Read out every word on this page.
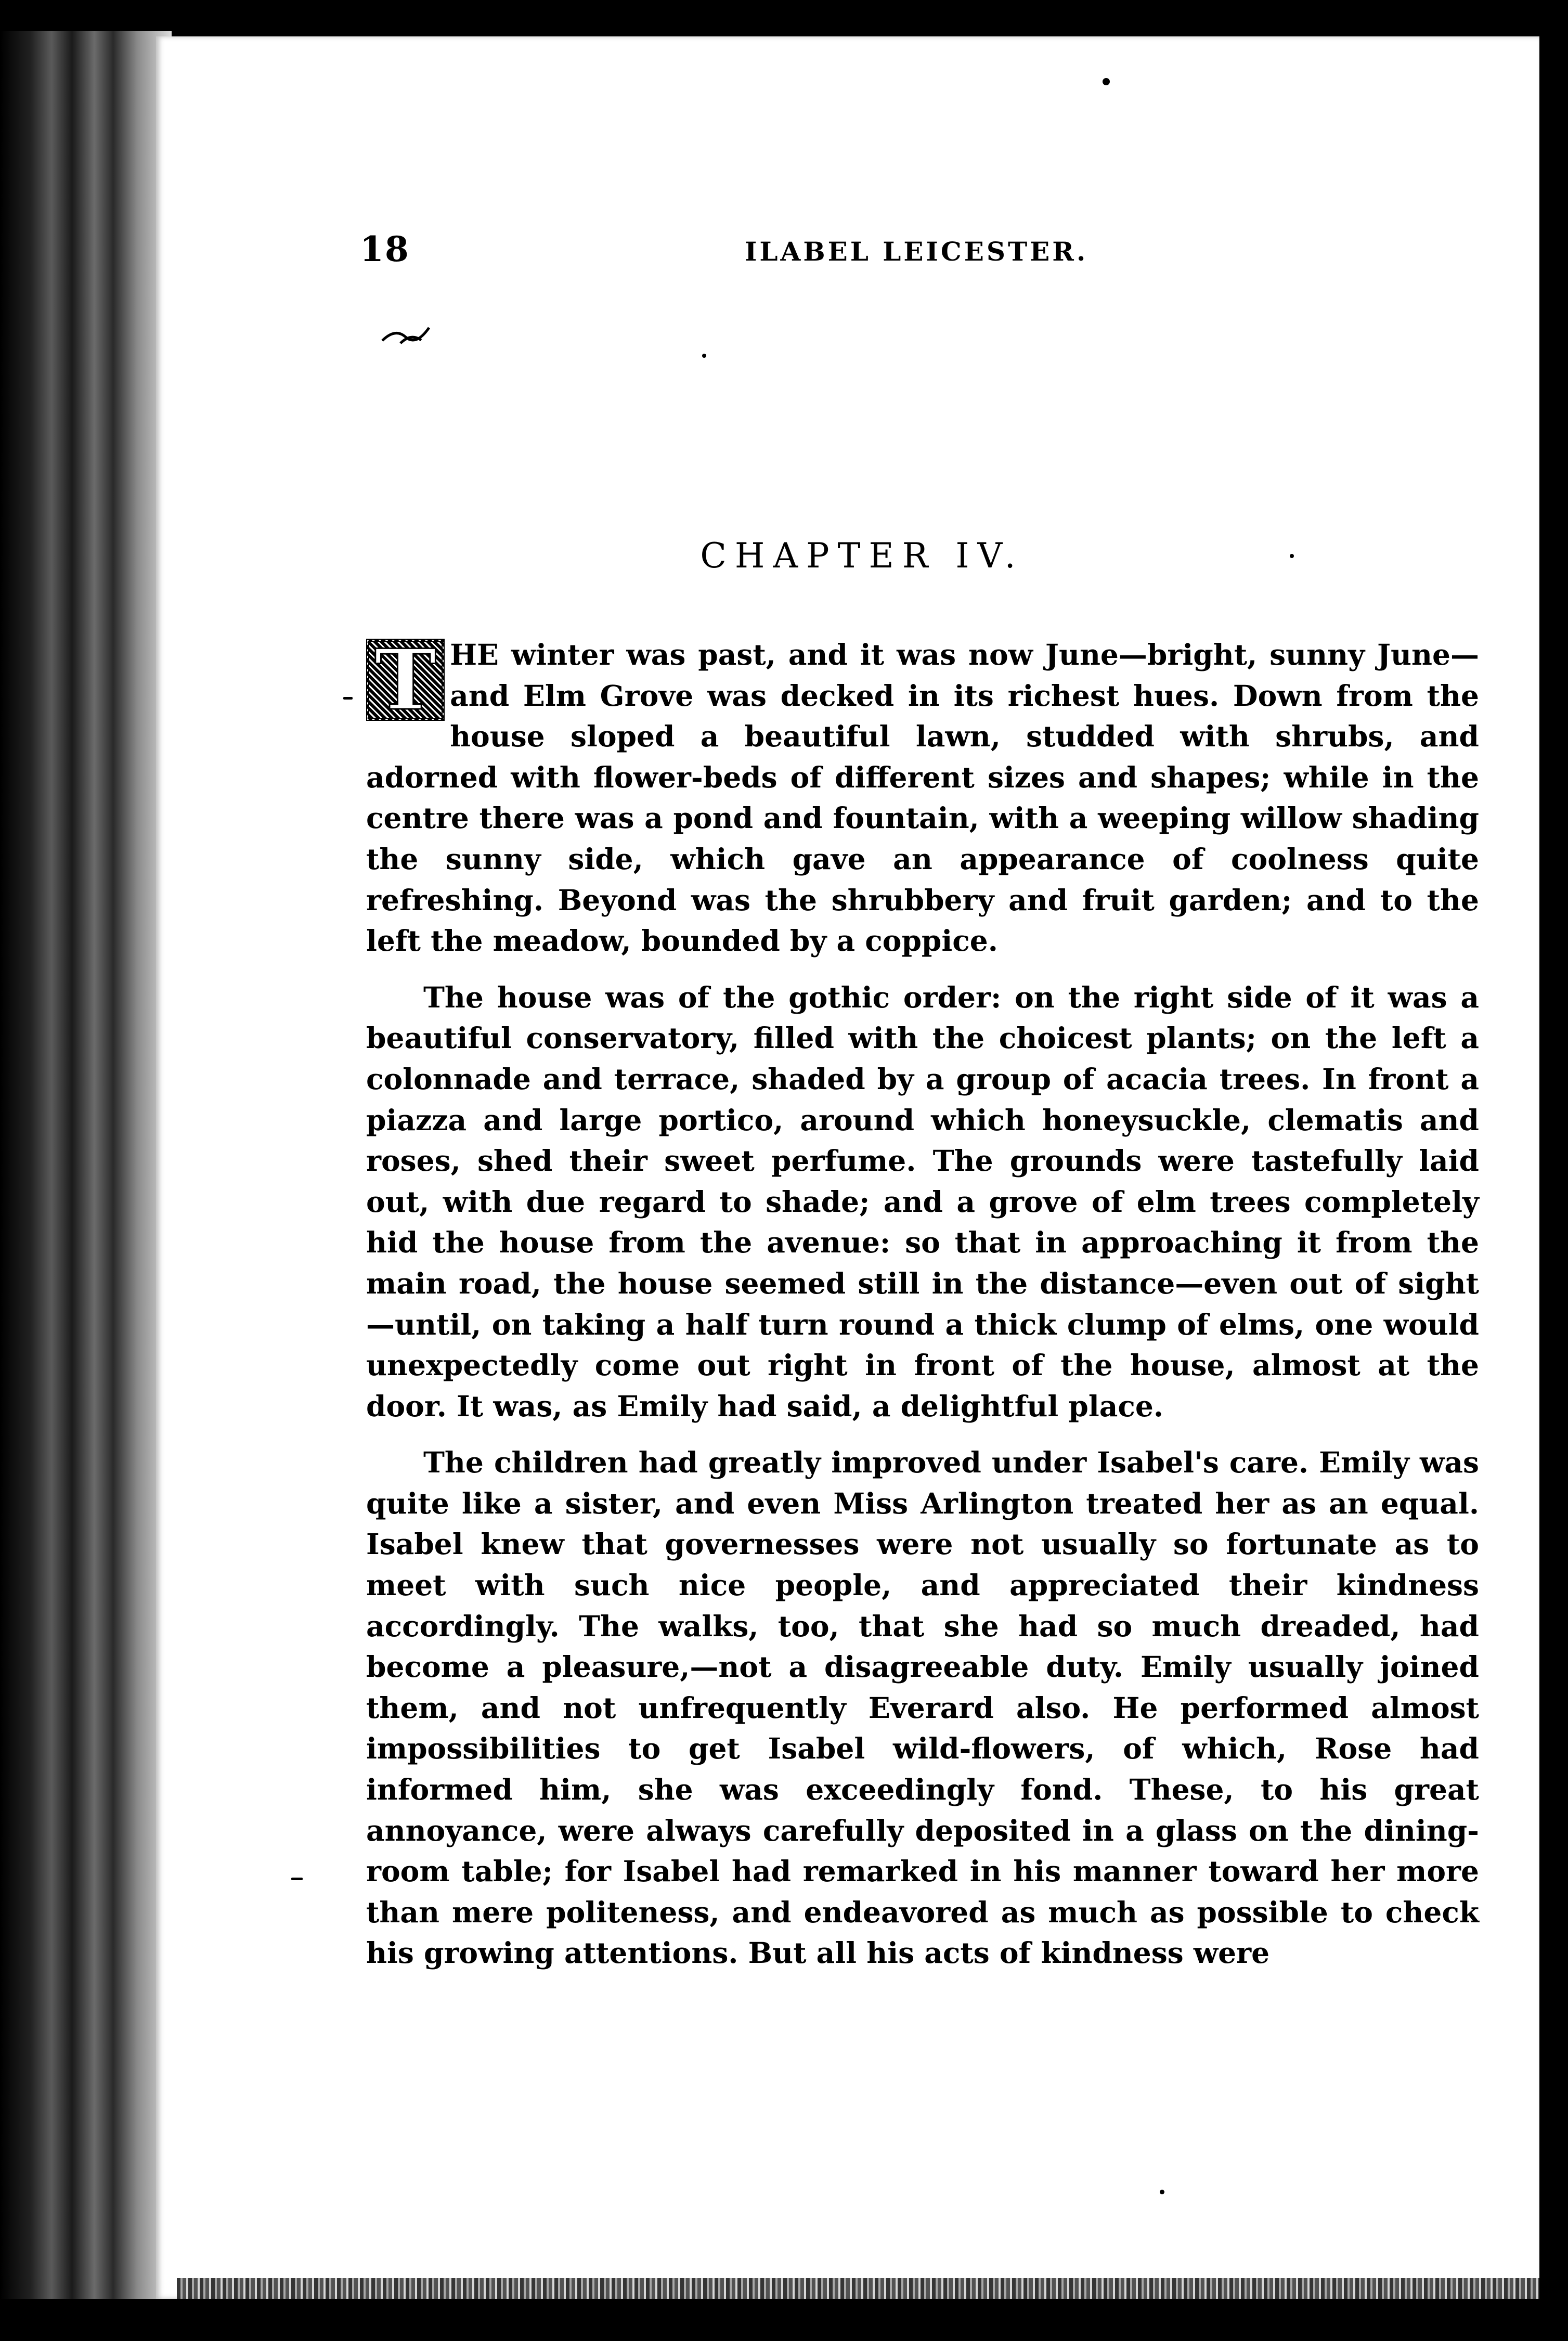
18	ILABEL LEICESTER.
CHAPTER IV.

T HE winter was past, and it was now June—bright, sunny June—and Elm Grove was decked in its richest hues. Down from the house sloped a beautiful lawn, studded with shrubs, and adorned with flower-beds of different sizes and shapes; while in the centre there was a pond and fountain, with a weeping willow shading the sunny side, which gave an appearance of coolness quite refreshing. Beyond was the shrubbery and fruit garden; and to the left the meadow, bounded by a coppice.

The house was of the gothic order: on the right side of it was a beautiful conservatory, filled with the choicest plants; on the left a colonnade and terrace, shaded by a group of acacia trees. In front a piazza and large portico, around which honeysuckle, clematis and roses, shed their sweet perfume. The grounds were tastefully laid out, with due regard to shade; and a grove of elm trees completely hid the house from the avenue: so that in approaching it from the main road, the house seemed still in the distance—even out of sight—until, on taking a half turn round a thick clump of elms, one would unexpectedly come out right in front of the house, almost at the door. It was, as Emily had said, a delightful place.

The children had greatly improved under Isabel's care. Emily was quite like a sister, and even Miss Arlington treated her as an equal. Isabel knew that governesses were not usually so fortunate as to meet with such nice people, and appreciated their kindness accordingly. The walks, too, that she had so much dreaded, had become a pleasure,—not a disagreeable duty. Emily usually joined them, and not unfrequently Everard also. He performed almost impossibilities to get Isabel wild-flowers, of which, Rose had informed him, she was exceedingly fond. These, to his great annoyance, were always carefully deposited in a glass on the dining-room table; for Isabel had remarked in his manner toward her more than mere politeness, and endeavored as much as possible to check his growing attentions. But all his acts of kindness were
